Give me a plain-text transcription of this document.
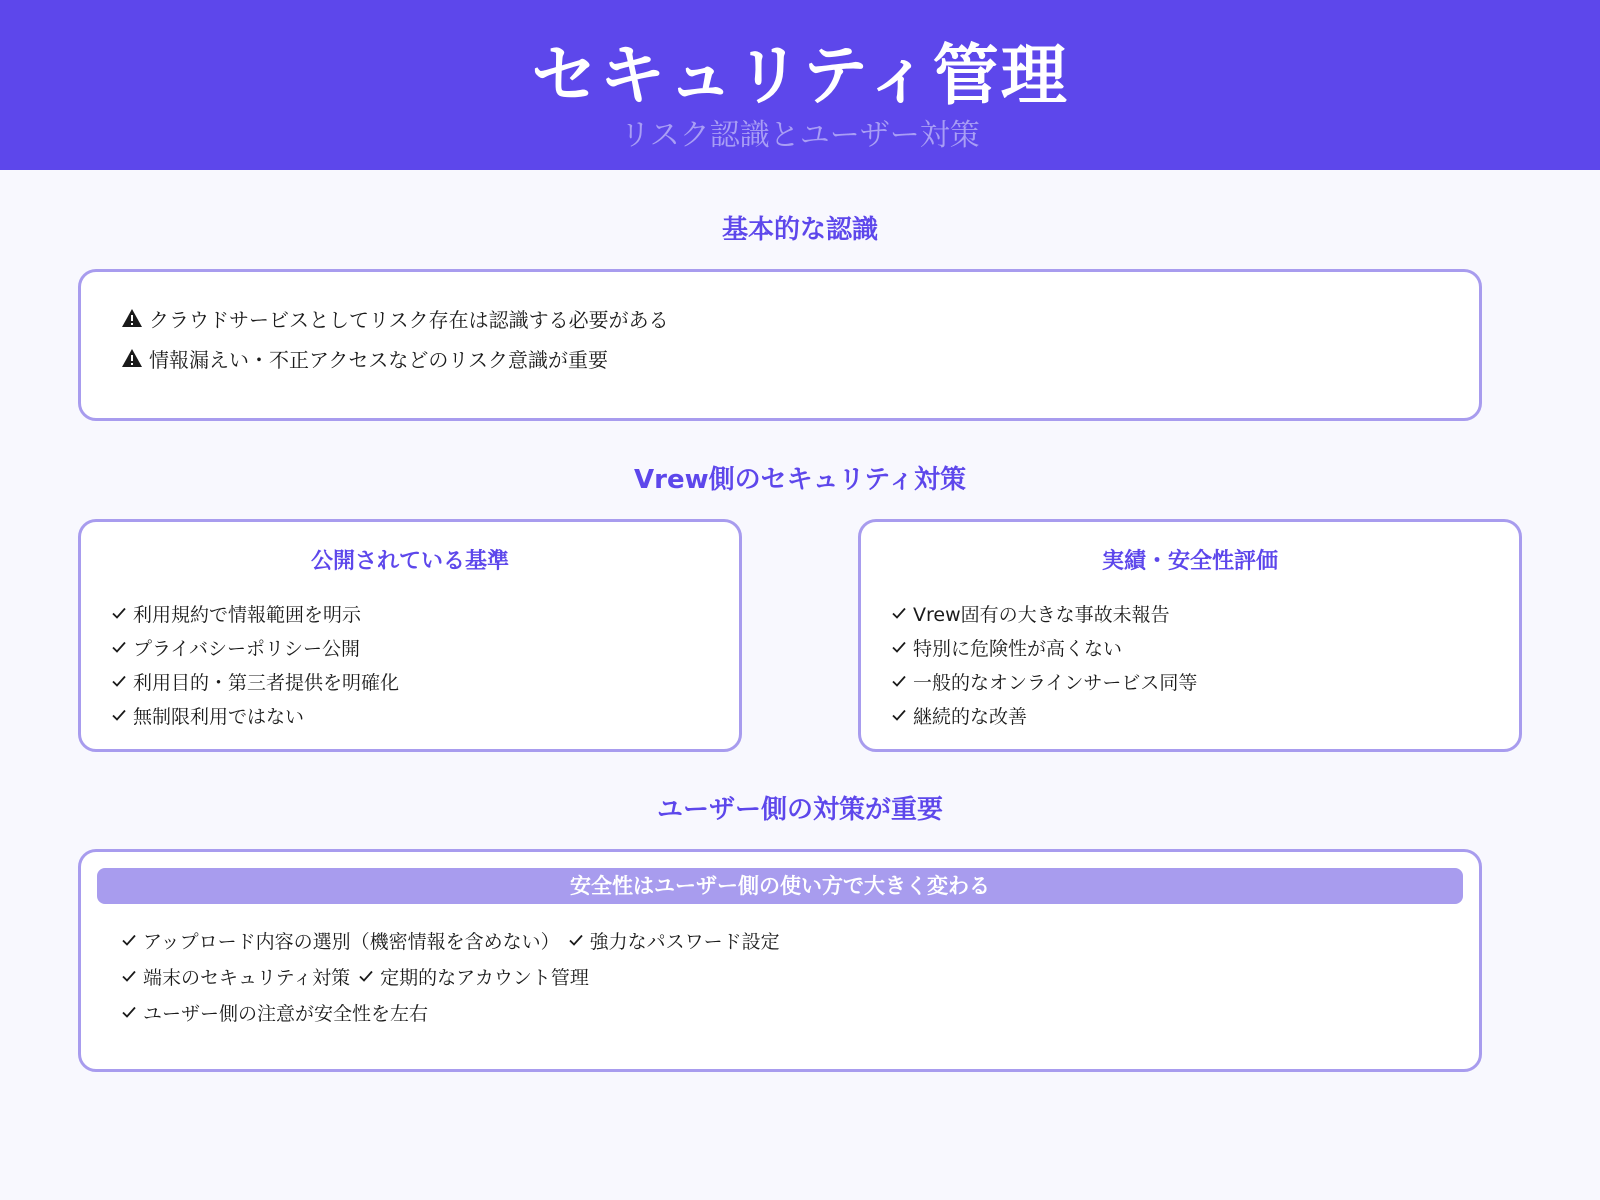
セキュリティ管理
リスク認識とユーザー対策
基本的な認識
クラウドサービスとしてリスク存在は認識する必要がある
情報漏えい・不正アクセスなどのリスク意識が重要
Vrew側のセキュリティ対策
公開されている基準
利用規約で情報範囲を明示
プライバシーポリシー公開
利用目的・第三者提供を明確化
無制限利用ではない
実績・安全性評価
Vrew固有の大きな事故未報告
特別に危険性が高くない
一般的なオンラインサービス同等
継続的な改善
ユーザー側の対策が重要
安全性はユーザー側の使い方で大きく変わる
アップロード内容の選別（機密情報を含めない） 強力なパスワード設定
端末のセキュリティ対策 定期的なアカウント管理
ユーザー側の注意が安全性を左右
